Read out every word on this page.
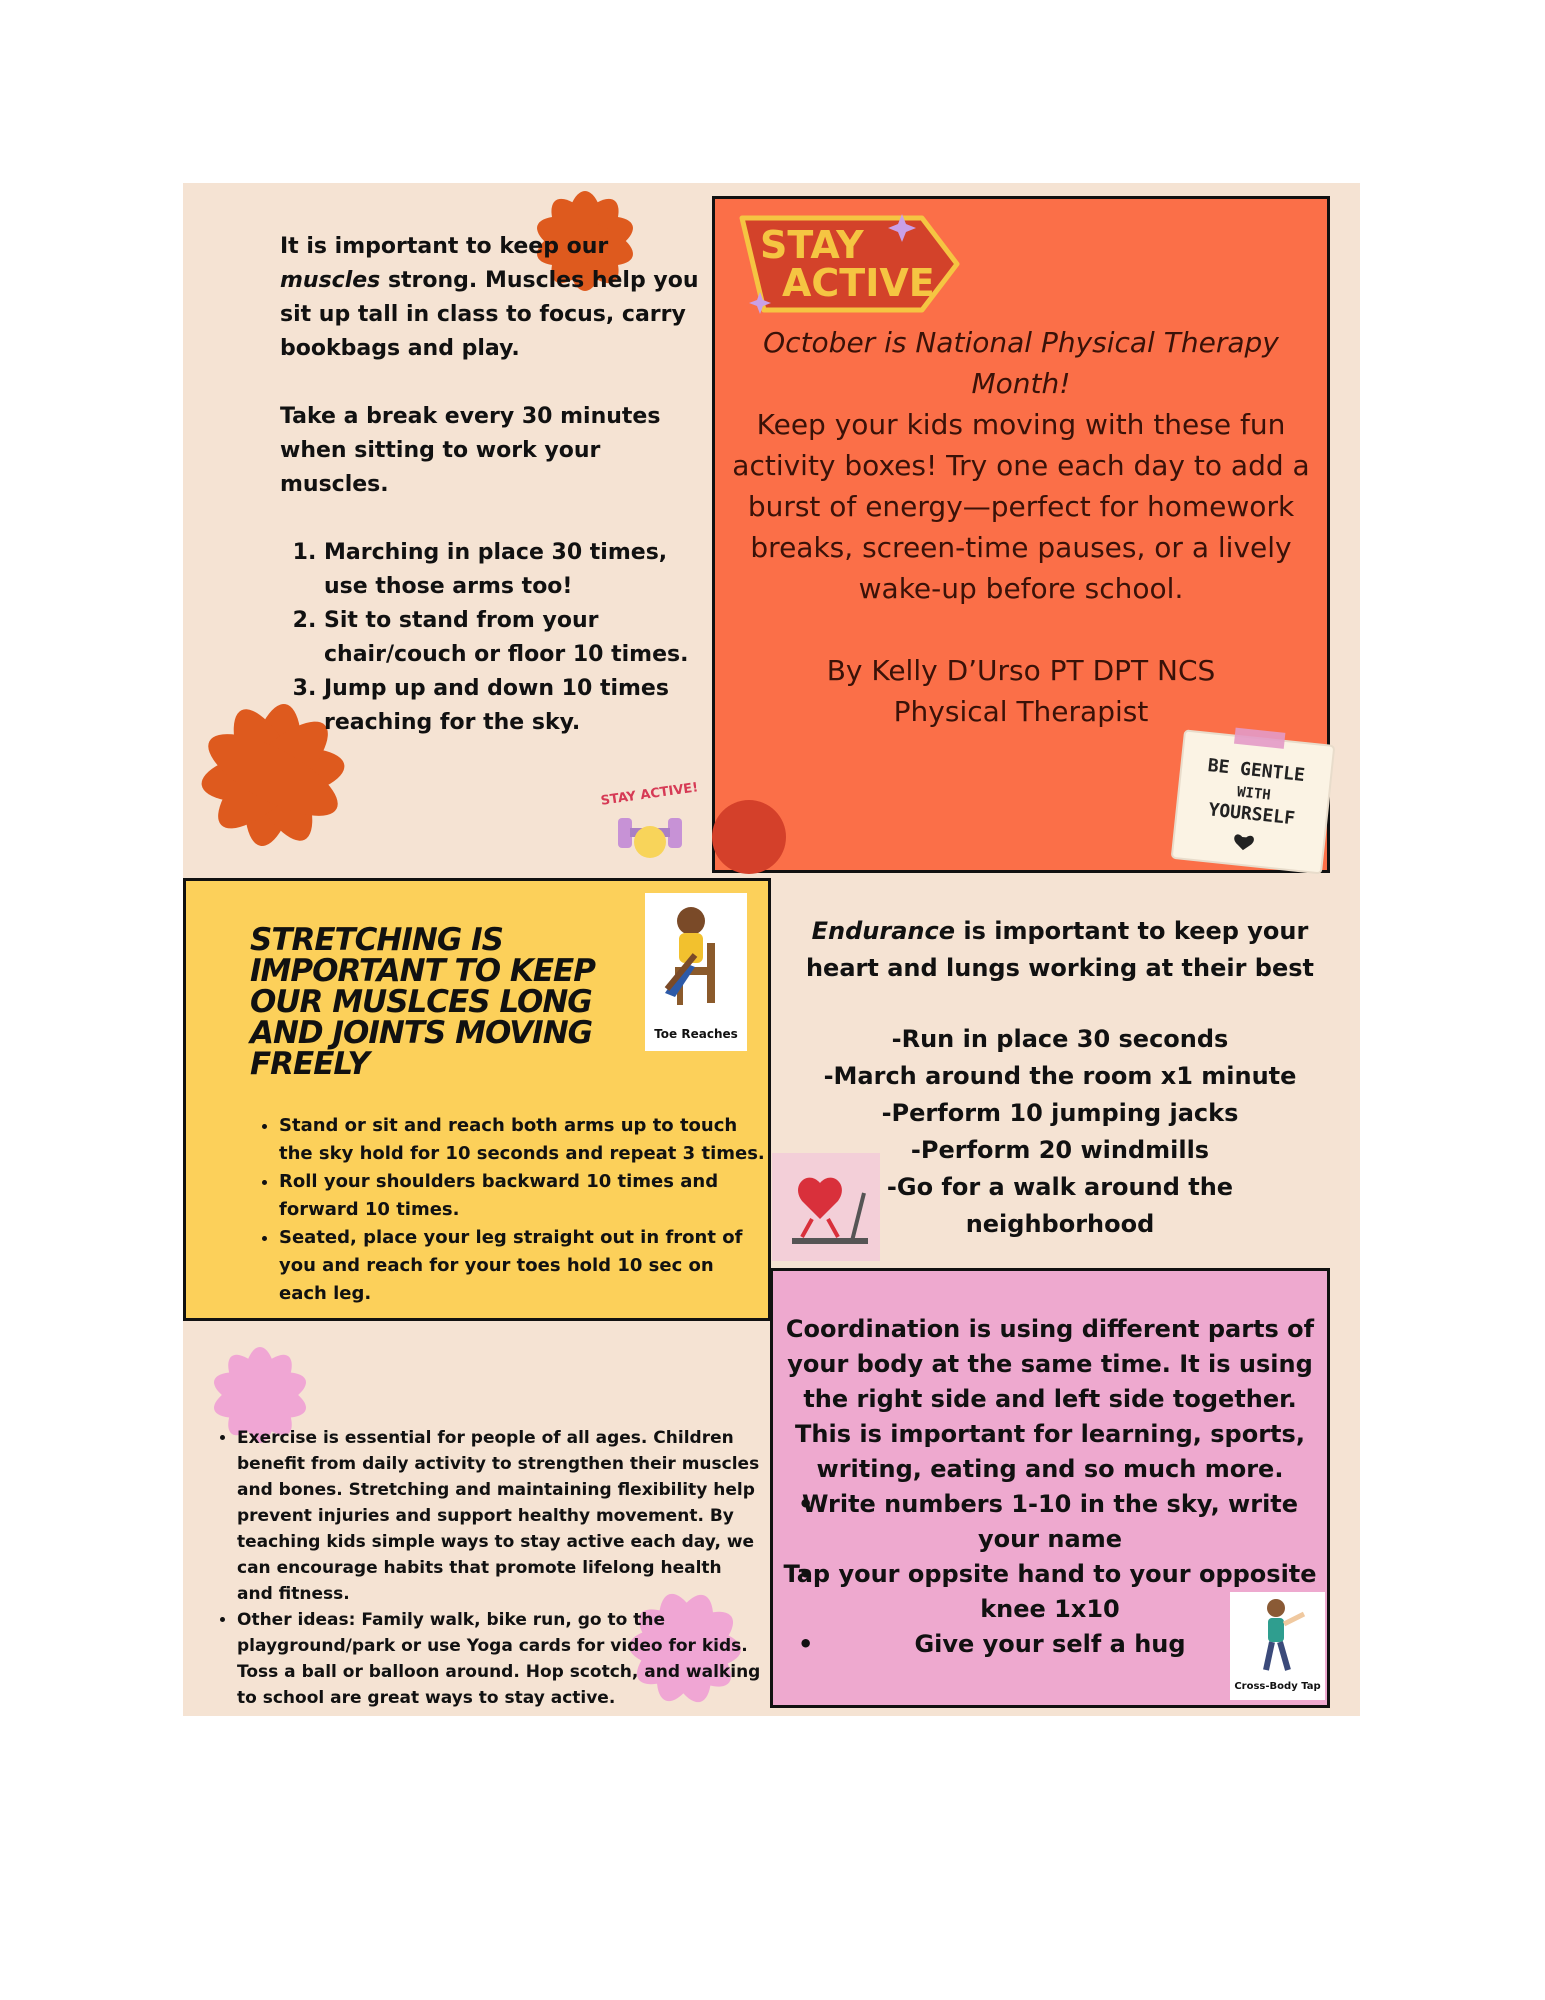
It is important to keep our muscles strong. Muscles help you sit up tall in class to focus, carry bookbags and play.

Take a break every 30 minutes when sitting to work your muscles.

1. Marching in place 30 times, use those arms too!
2. Sit to stand from your chair/couch or floor 10 times.
3. Jump up and down 10 times reaching for the sky.
STAY ACTIVE!
STAY
ACTIVE
October is National Physical Therapy Month!
Keep your kids moving with these fun activity boxes! Try one each day to add a burst of energy—perfect for homework breaks, screen-time pauses, or a lively wake-up before school.
By Kelly D’Urso PT DPT NCS
Physical Therapist
BE GENTLE
WITH
YOURSELF
STRETCHING IS IMPORTANT TO KEEP OUR MUSLCES LONG AND JOINTS MOVING FREELY
Toe Reaches
• Stand or sit and reach both arms up to touch the sky hold for 10 seconds and repeat 3 times.
• Roll your shoulders backward 10 times and forward 10 times.
• Seated, place your leg straight out in front of you and reach for your toes hold 10 sec on each leg.
Endurance is important to keep your heart and lungs working at their best
-Run in place 30 seconds
-March around the room x1 minute
-Perform 10 jumping jacks
-Perform 20 windmills
-Go for a walk around the neighborhood
Coordination is using different parts of your body at the same time. It is using the right side and left side together. This is important for learning, sports, writing, eating and so much more.
• Write numbers 1-10 in the sky, write your name
• Tap your oppsite hand to your opposite knee 1x10
• Give your self a hug
Cross-Body Tap
• Exercise is essential for people of all ages. Children benefit from daily activity to strengthen their muscles and bones. Stretching and maintaining flexibility help prevent injuries and support healthy movement. By teaching kids simple ways to stay active each day, we can encourage habits that promote lifelong health and fitness.
• Other ideas: Family walk, bike run, go to the playground/park or use Yoga cards for video for kids. Toss a ball or balloon around. Hop scotch, and walking to school are great ways to stay active.
